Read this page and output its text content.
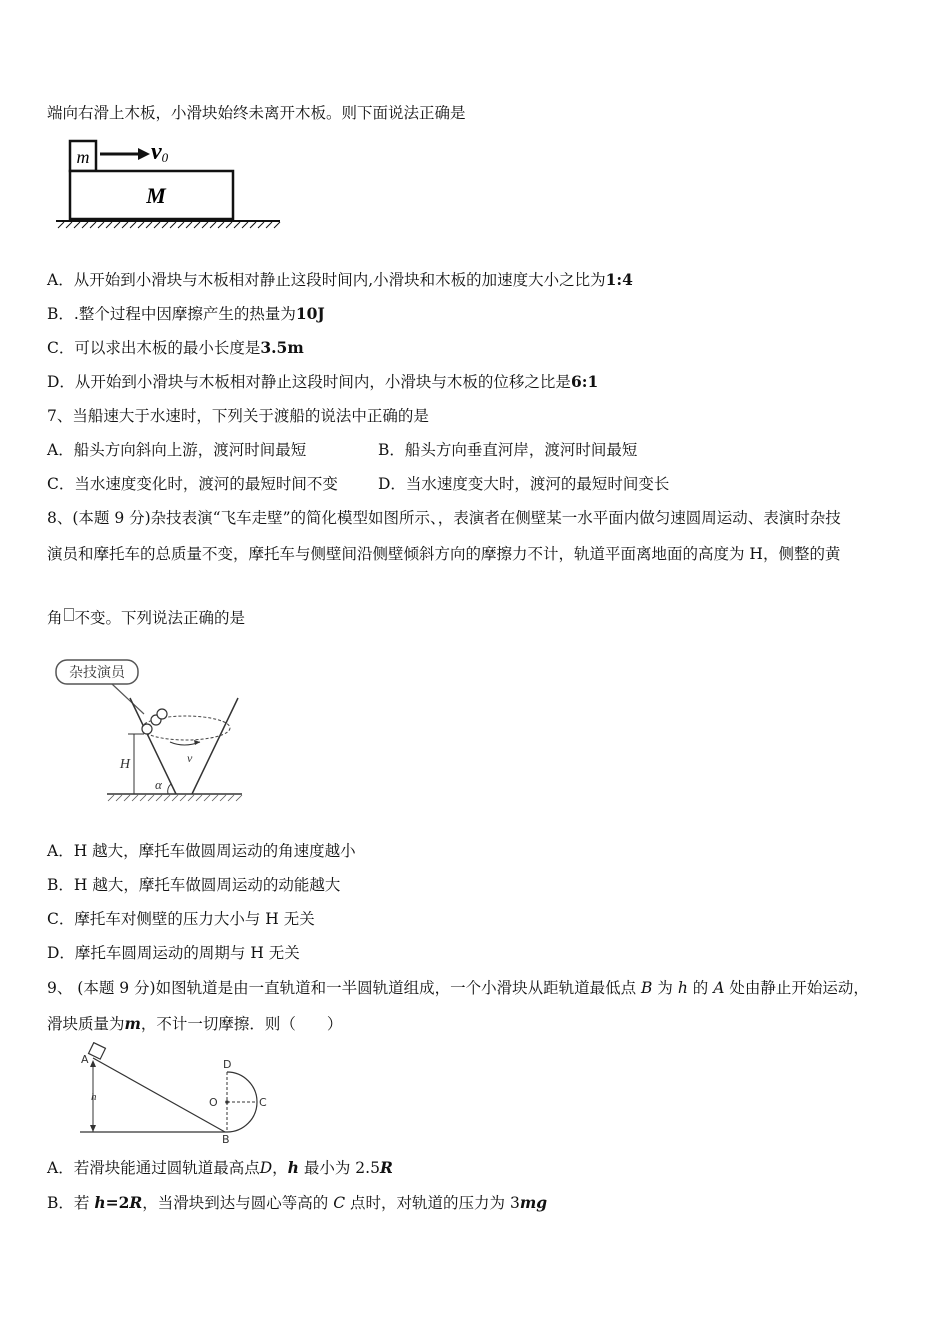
端向右滑上木板，小滑块始终未离开木板。则下面说法正确是
m	v0
M
A．从开始到小滑块与木板相对静止这段时间内,小滑块和木板的加速度大小之比为1:4
B．.整个过程中因摩擦产生的热量为10J
C．可以求出木板的最小长度是3.5m
D．从开始到小滑块与木板相对静止这段时间内，小滑块与木板的位移之比是6:1
7、当船速大于水速时，下列关于渡船的说法中正确的是
A．船头方向斜向上游，渡河时间最短	B．船头方向垂直河岸，渡河时间最短
C．当水速度变化时，渡河的最短时间不变	D．当水速度变大时，渡河的最短时间变长
8、(本题 9 分)杂技表演“飞车走壁”的简化模型如图所示、，表演者在侧壁某一水平面内做匀速圆周运动、表演时杂技
演员和摩托车的总质量不变，摩托车与侧壁间沿侧壁倾斜方向的摩擦力不计，轨道平面离地面的高度为 H，侧整的黄
角 不变。下列说法正确的是
杂技演员
v
H
α
A．H 越大，摩托车做圆周运动的角速度越小
B．H 越大，摩托车做圆周运动的动能越大
C．摩托车对侧壁的压力大小与 H 无关
D．摩托车圆周运动的周期与 H 无关
9、 (本题 9 分)如图轨道是由一直轨道和一半圆轨道组成，一个小滑块从距轨道最低点 B 为 h 的 A 处由静止开始运动，
滑块质量为m，不计一切摩擦．则（　　）
A
h
D
O	C
B
A．若滑块能通过圆轨道最高点D，h 最小为 2.5R
B．若 h=2R，当滑块到达与圆心等高的 C 点时，对轨道的压力为 3mg
